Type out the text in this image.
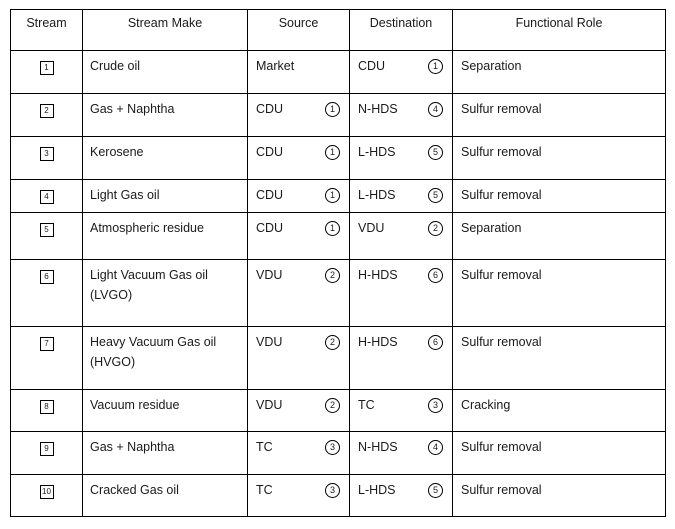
Stream	Stream Make	Source	Destination	Functional Role
1	Crude oil	Market	CDU 1	Separation
2	Gas + Naphtha	CDU 1	N-HDS 4	Sulfur removal
3	Kerosene	CDU 1	L-HDS 5	Sulfur removal
4	Light Gas oil	CDU 1	L-HDS 5	Sulfur removal
5	Atmospheric residue	CDU 1	VDU 2	Separation
6	Light Vacuum Gas oil (LVGO)	VDU 2	H-HDS 6	Sulfur removal
7	Heavy Vacuum Gas oil (HVGO)	VDU 2	H-HDS 6	Sulfur removal
8	Vacuum residue	VDU 2	TC 3	Cracking
9	Gas + Naphtha	TC 3	N-HDS 4	Sulfur removal
10	Cracked Gas oil	TC 3	L-HDS 5	Sulfur removal
